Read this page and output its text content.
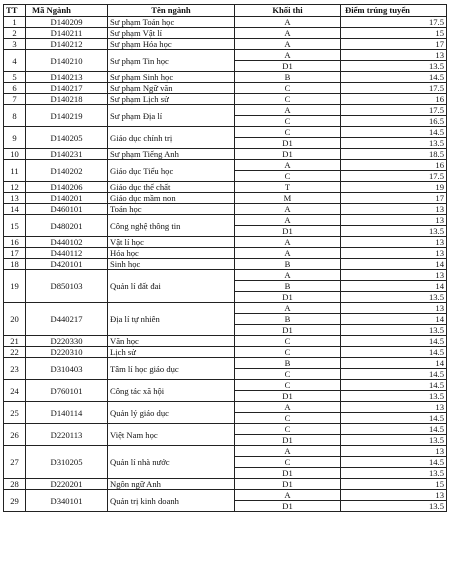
TT	Mã Ngành	Tên ngành	Khối thi	Điểm trúng tuyển
1	D140209	Sư phạm Toán học	A	17.5
2	D140211	Sư phạm Vật lí	A	15
3	D140212	Sư phạm Hóa học	A	17
4	D140210	Sư phạm Tin học	A	13
			D1	13.5
5	D140213	Sư phạm Sinh học	B	14.5
6	D140217	Sư phạm Ngữ văn	C	17.5
7	D140218	Sư phạm Lịch sử	C	16
8	D140219	Sư phạm Địa lí	A	17.5
			C	16.5
9	D140205	Giáo dục chính trị	C	14.5
			D1	13.5
10	D140231	Sư phạm Tiếng Anh	D1	18.5
11	D140202	Giáo dục Tiểu học	A	16
			C	17.5
12	D140206	Giáo dục thể chất	T	19
13	D140201	Giáo dục mầm non	M	17
14	D460101	Toán học	A	13
15	D480201	Công nghệ thông tin	A	13
			D1	13.5
16	D440102	Vật lí học	A	13
17	D440112	Hóa học	A	13
18	D420101	Sinh học	B	14
19	D850103	Quản lí đất đai	A	13
			B	14
			D1	13.5
20	D440217	Địa lí tự nhiên	A	13
			B	14
			D1	13.5
21	D220330	Văn học	C	14.5
22	D220310	Lịch sử	C	14.5
23	D310403	Tâm lí học giáo dục	B	14
			C	14.5
24	D760101	Công tác xã hội	C	14.5
			D1	13.5
25	D140114	Quản lý giáo dục	A	13
			C	14.5
26	D220113	Việt Nam học	C	14.5
			D1	13.5
27	D310205	Quản lí nhà nước	A	13
			C	14.5
			D1	13.5
28	D220201	Ngôn ngữ Anh	D1	15
29	D340101	Quản trị kinh doanh	A	13
			D1	13.5
